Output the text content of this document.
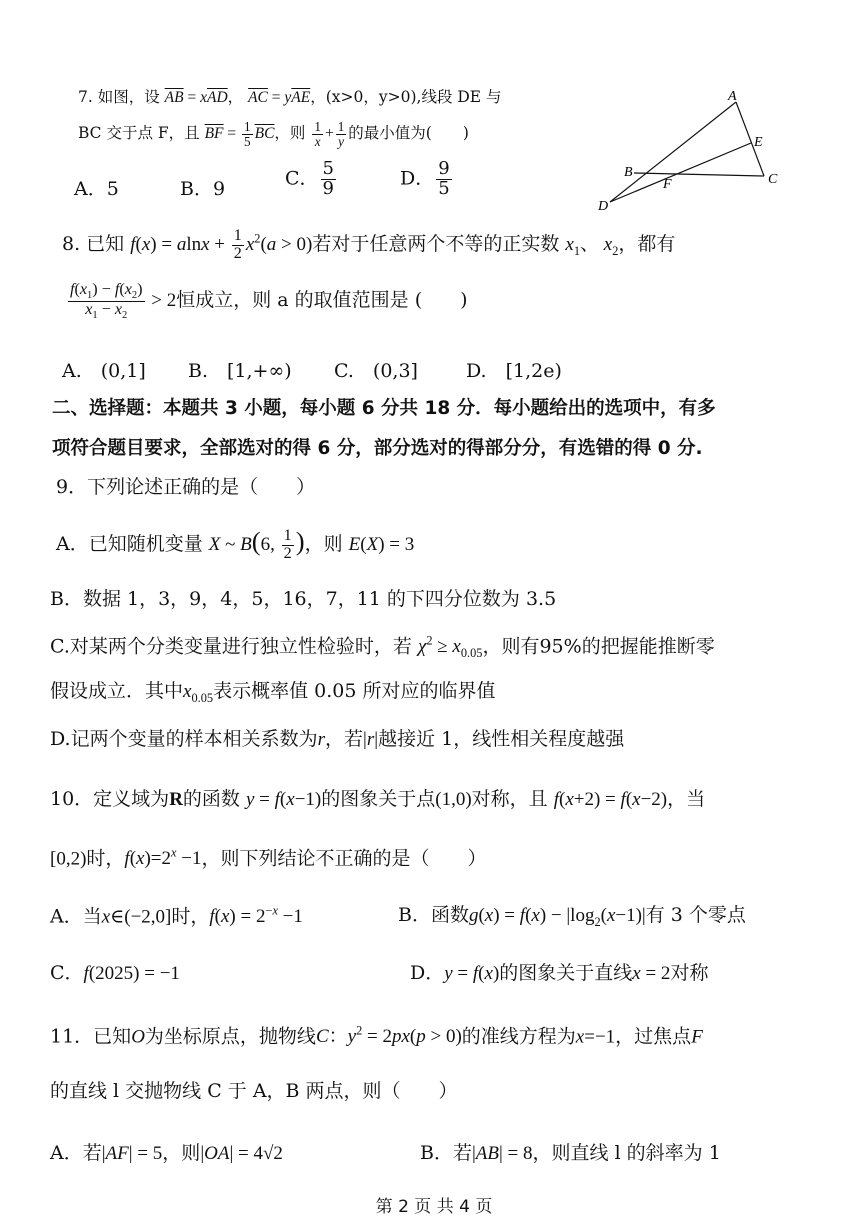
7. 如图，设 $\overline{AB} = x\overline{AD}$， $\overline{AC} = y\overline{AE}$，(x>0，y>0),线段 DE 与
BC 交于点 F，且 $\overline{BF} = \frac{1}{5} \overline{BC}$，则 $\frac{1}{x} + \frac{1}{y}$ 的最小值为(　　)
A．5	B．9	C． $\frac{5}{9}$	D． $\frac{9}{5}$
A
E
B
F	C
D
8. 已知 $f(x) = alnx + \frac{1}{2} x^2(a > 0)$若对于任意两个不等的正实数 $x_1$、 $x_2$，都有
$\frac{f(x_1) - f(x_2)}{x_1 - x_2} > 2$恒成立，则 a 的取值范围是 (　　)
A.　(0,1] B.　[1,+∞) C.　(0,3]	D.　[1,2e)
二、选择题：本题共 3 小题，每小题 6 分共 18 分．每小题给出的选项中，有多
项符合题目要求，全部选对的得 6 分，部分选对的得部分分，有选错的得 0 分.
9．下列论述正确的是（　　）
A．已知随机变量 X ~ B(6, $\frac{1}{2}$ )，则 E(X) = 3
B．数据 1，3，9，4，5，16，7，11 的下四分位数为 3.5
C.对某两个分类变量进行独立性检验时，若 $\chi^2 \ge x_{0.05}$，则有95%的把握能推断零
假设成立．其中$x_{0.05}$表示概率值 0.05 所对应的临界值
D.记两个变量的样本相关系数为r，若|r|越接近 1，线性相关程度越强
10．定义域为R的函数 y = f(x−1)的图象关于点(1,0)对称，且 f(x+2) = f(x−2)，当
[0,2)时，$f(x)=2^x -1$，则下列结论不正确的是（　　）
A．当x∈(−2,0]时，$f(x) = 2^{-x} -1$	B．函数$g(x) = f(x) - |\log_2(x-1)|$有 3 个零点
C．f(2025) = −1	D．y = f(x)的图象关于直线x = 2对称
11．已知O为坐标原点，抛物线C：$y^2 = 2px(p > 0)$的准线方程为x=−1，过焦点F
的直线 l 交抛物线 C 于 A，B 两点，则（　　）
A．若|AF| = 5，则|OA| = 4√2	B．若|AB| = 8，则直线 l 的斜率为 1
第 2 页 共 4 页
